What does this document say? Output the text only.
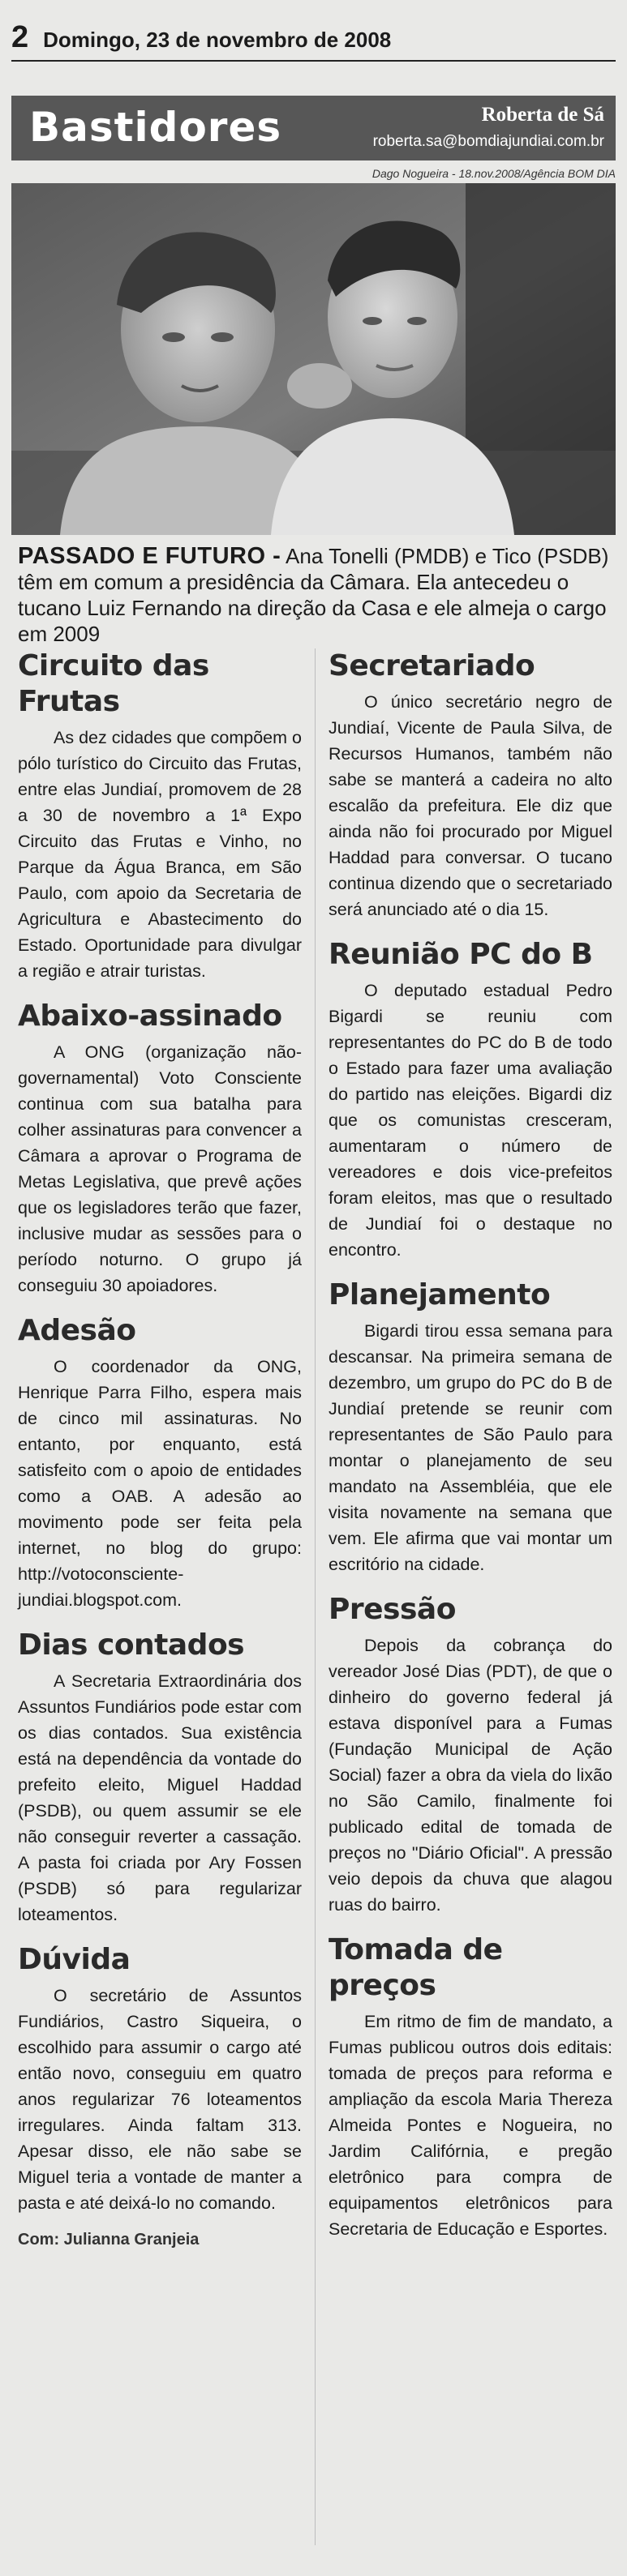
2 Domingo, 23 de novembro de 2008
Bastidores	Roberta de Sá
roberta.sa@bomdiajundiai.com.br
Dago Nogueira - 18.nov.2008/Agência BOM DIA
PASSADO E FUTURO - Ana Tonelli (PMDB) e Tico (PSDB) têm em comum a presidência da Câmara. Ela antecedeu o tucano Luiz Fernando na direção da Casa e ele almeja o cargo em 2009
Circuito das Frutas

As dez cidades que compõem o pólo turístico do Circuito das Frutas, entre elas Jundiaí, promovem de 28 a 30 de novembro a 1ª Expo Circuito das Frutas e Vinho, no Parque da Água Branca, em São Paulo, com apoio da Secretaria de Agricultura e Abastecimento do Estado. Oportunidade para divulgar a região e atrair turistas.

Abaixo-assinado

A ONG (organização não-governamental) Voto Consciente continua com sua batalha para colher assinaturas para convencer a Câmara a aprovar o Programa de Metas Legislativa, que prevê ações que os legisladores terão que fazer, inclusive mudar as sessões para o período noturno. O grupo já conseguiu 30 apoiadores.

Adesão

O coordenador da ONG, Henrique Parra Filho, espera mais de cinco mil assinaturas. No entanto, por enquanto, está satisfeito com o apoio de entidades como a OAB. A adesão ao movimento pode ser feita pela internet, no blog do grupo: http://votoconsciente-jundiai.blogspot.com.

Dias contados

A Secretaria Extraordinária dos Assuntos Fundiários pode estar com os dias contados. Sua existência está na dependência da vontade do prefeito eleito, Miguel Haddad (PSDB), ou quem assumir se ele não conseguir reverter a cassação. A pasta foi criada por Ary Fossen (PSDB) só para regularizar loteamentos.

Dúvida

O secretário de Assuntos Fundiários, Castro Siqueira, o escolhido para assumir o cargo até então novo, conseguiu em quatro anos regularizar 76 loteamentos irregulares. Ainda faltam 313. Apesar disso, ele não sabe se Miguel teria a vontade de manter a pasta e até deixá-lo no comando.

Com: Julianna Granjeia
Secretariado

O único secretário negro de Jundiaí, Vicente de Paula Silva, de Recursos Humanos, também não sabe se manterá a cadeira no alto escalão da prefeitura. Ele diz que ainda não foi procurado por Miguel Haddad para conversar. O tucano continua dizendo que o secretariado será anunciado até o dia 15.

Reunião PC do B

O deputado estadual Pedro Bigardi se reuniu com representantes do PC do B de todo o Estado para fazer uma avaliação do partido nas eleições. Bigardi diz que os comunistas cresceram, aumentaram o número de vereadores e dois vice-prefeitos foram eleitos, mas que o resultado de Jundiaí foi o destaque no encontro.

Planejamento

Bigardi tirou essa semana para descansar. Na primeira semana de dezembro, um grupo do PC do B de Jundiaí pretende se reunir com representantes de São Paulo para montar o planejamento de seu mandato na Assembléia, que ele visita novamente na semana que vem. Ele afirma que vai montar um escritório na cidade.

Pressão

Depois da cobrança do vereador José Dias (PDT), de que o dinheiro do governo federal já estava disponível para a Fumas (Fundação Municipal de Ação Social) fazer a obra da viela do lixão no São Camilo, finalmente foi publicado edital de tomada de preços no "Diário Oficial". A pressão veio depois da chuva que alagou ruas do bairro.

Tomada de preços

Em ritmo de fim de mandato, a Fumas publicou outros dois editais: tomada de preços para reforma e ampliação da escola Maria Thereza Almeida Pontes e Nogueira, no Jardim Califórnia, e pregão eletrônico para compra de equipamentos eletrônicos para Secretaria de Educação e Esportes.
